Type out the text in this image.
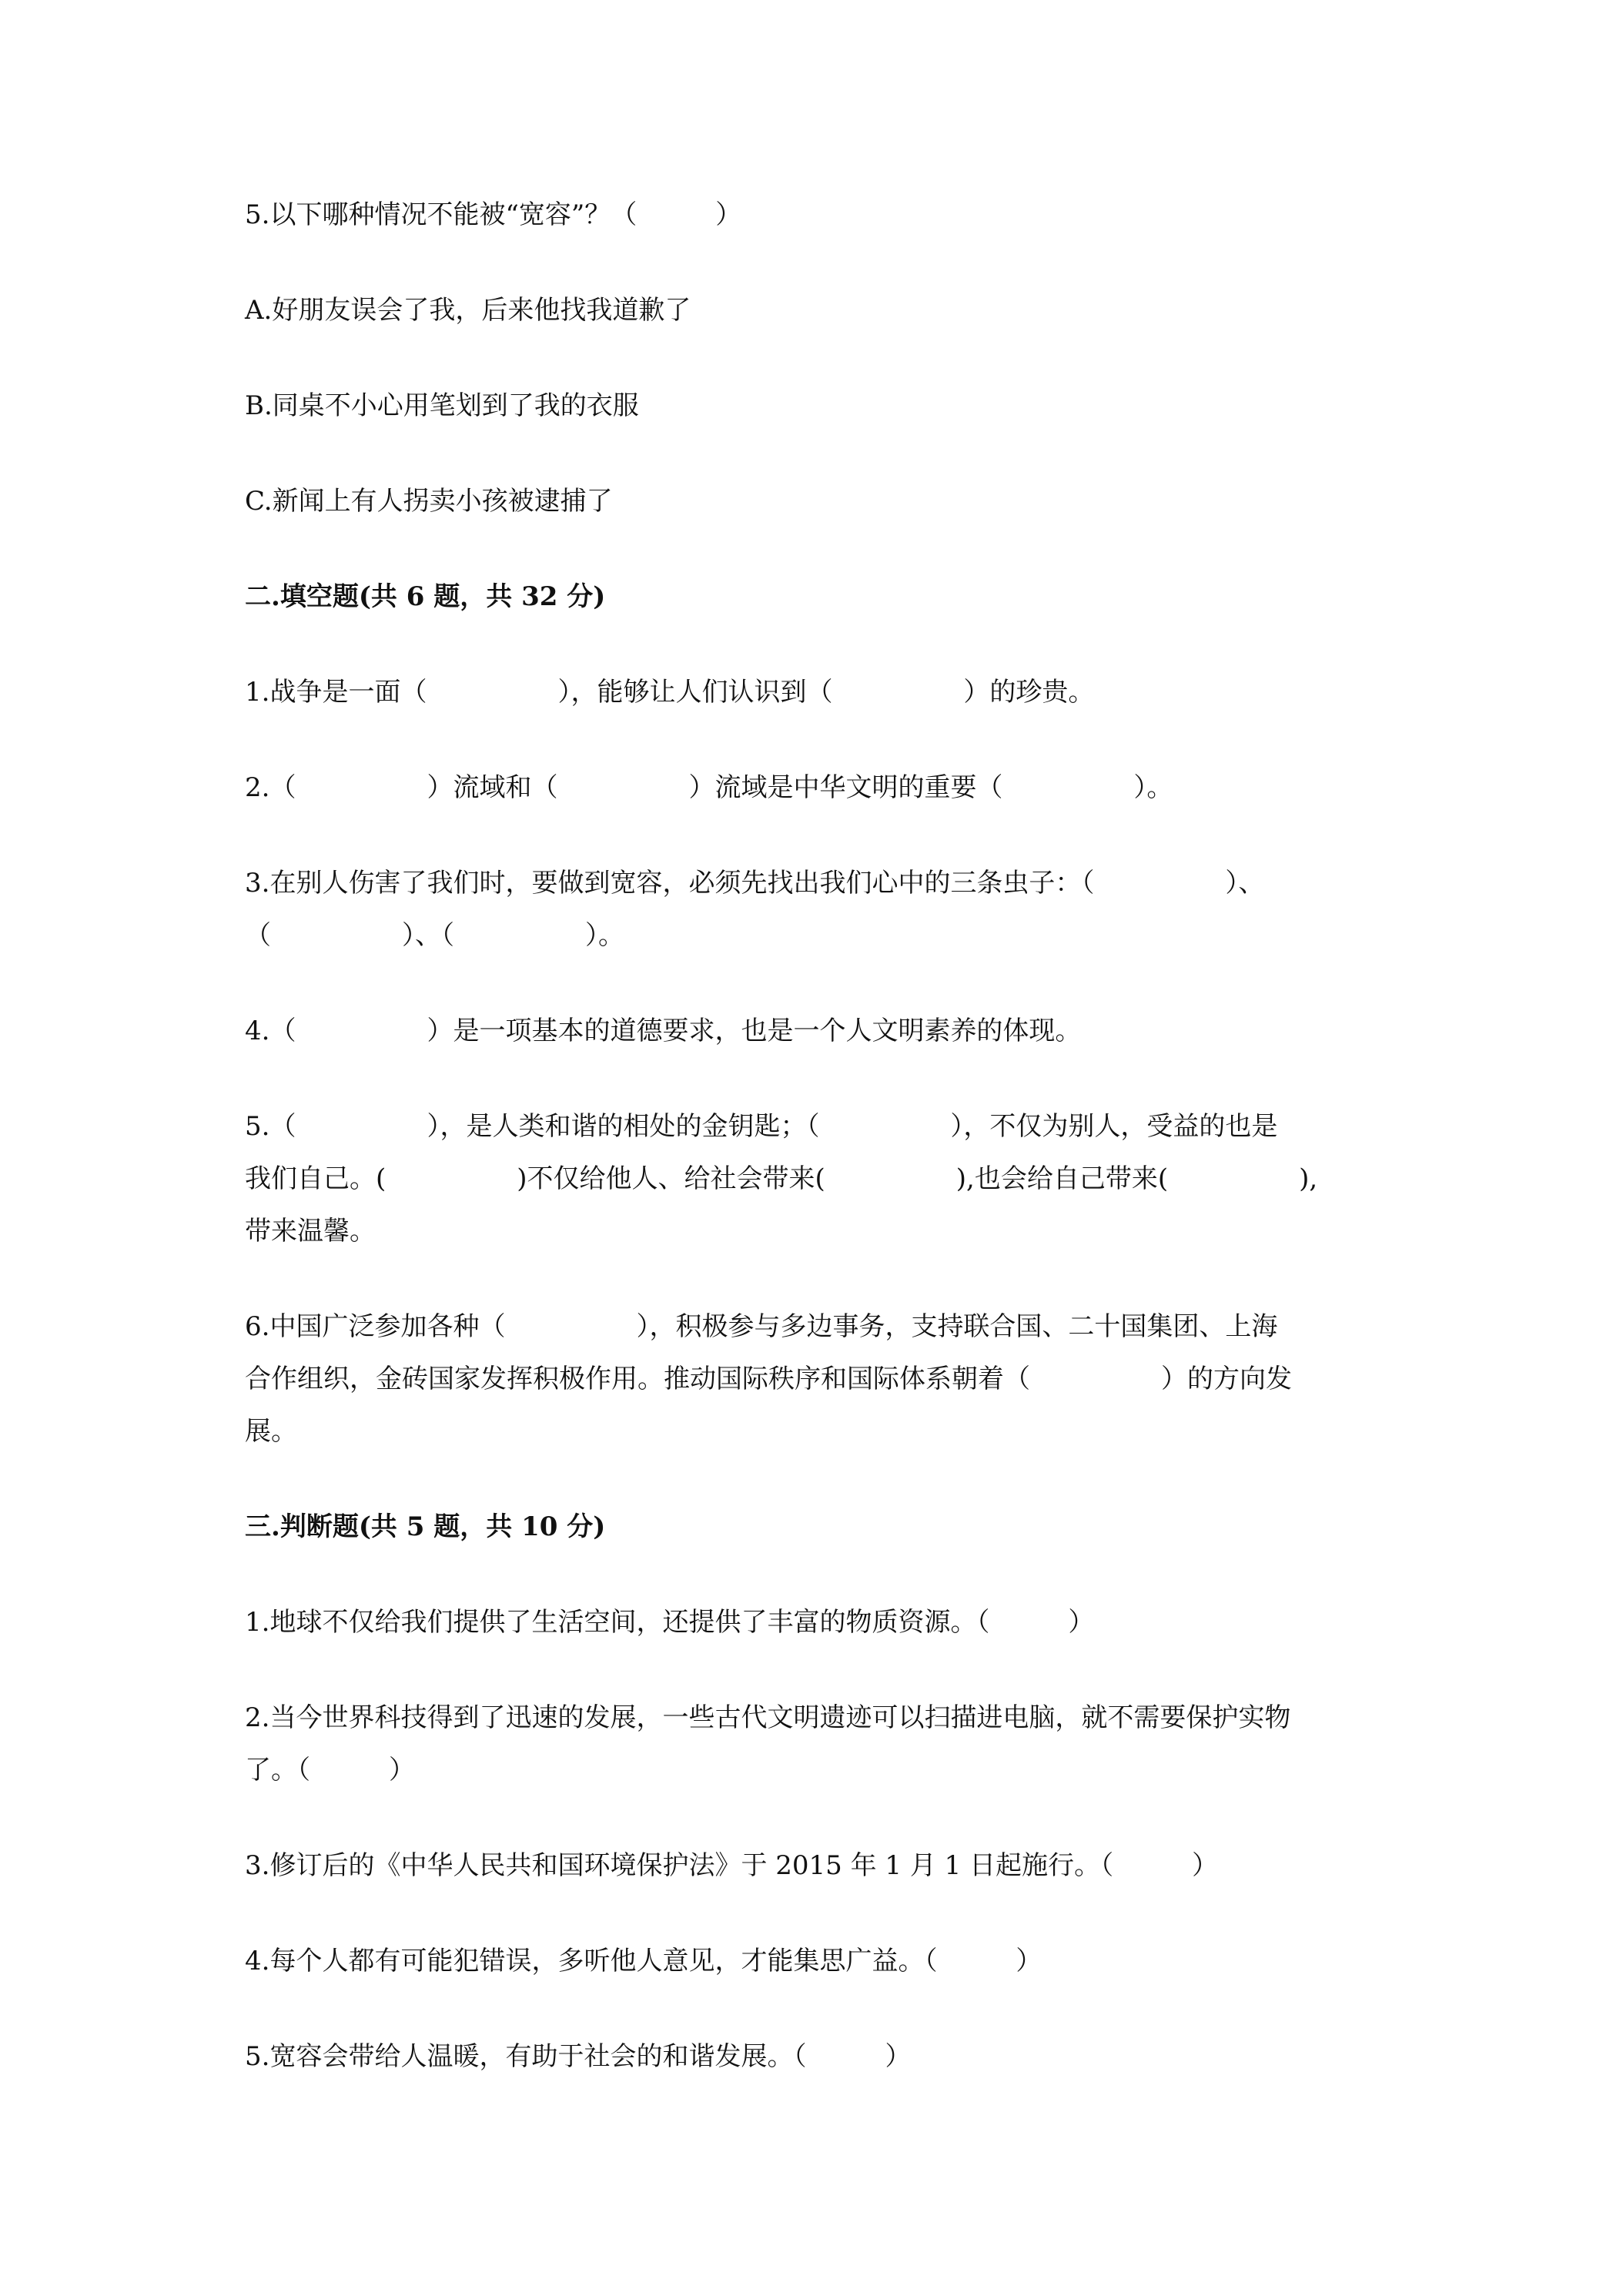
5.以下哪种情况不能被“宽容”？（　　　）

A.好朋友误会了我，后来他找我道歉了

B.同桌不小心用笔划到了我的衣服

C.新闻上有人拐卖小孩被逮捕了

二.填空题(共 6 题，共 32 分)

1.战争是一面（　　　　　），能够让人们认识到（　　　　　）的珍贵。

2.（　　　　　）流域和（　　　　　）流域是中华文明的重要（　　　　　）。

3.在别人伤害了我们时，要做到宽容，必须先找出我们心中的三条虫子：（　　　　　）、

（　　　　　）、（　　　　　）。

4.（　　　　　）是一项基本的道德要求，也是一个人文明素养的体现。

5.（　　　　　），是人类和谐的相处的金钥匙；（　　　　　），不仅为别人，受益的也是

我们自己。(　　　　　)不仅给他人、给社会带来(　　　　　),也会给自己带来(　　　　　),

带来温馨。

6.中国广泛参加各种（　　　　　），积极参与多边事务，支持联合国、二十国集团、上海

合作组织，金砖国家发挥积极作用。推动国际秩序和国际体系朝着（　　　　　）的方向发

展。

三.判断题(共 5 题，共 10 分)

1.地球不仅给我们提供了生活空间，还提供了丰富的物质资源。（　　　）

2.当今世界科技得到了迅速的发展，一些古代文明遗迹可以扫描进电脑，就不需要保护实物

了。（　　　）

3.修订后的《中华人民共和国环境保护法》于 2015 年 1 月 1 日起施行。（　　　）

4.每个人都有可能犯错误，多听他人意见，才能集思广益。（　　　）

5.宽容会带给人温暖，有助于社会的和谐发展。（　　　）
